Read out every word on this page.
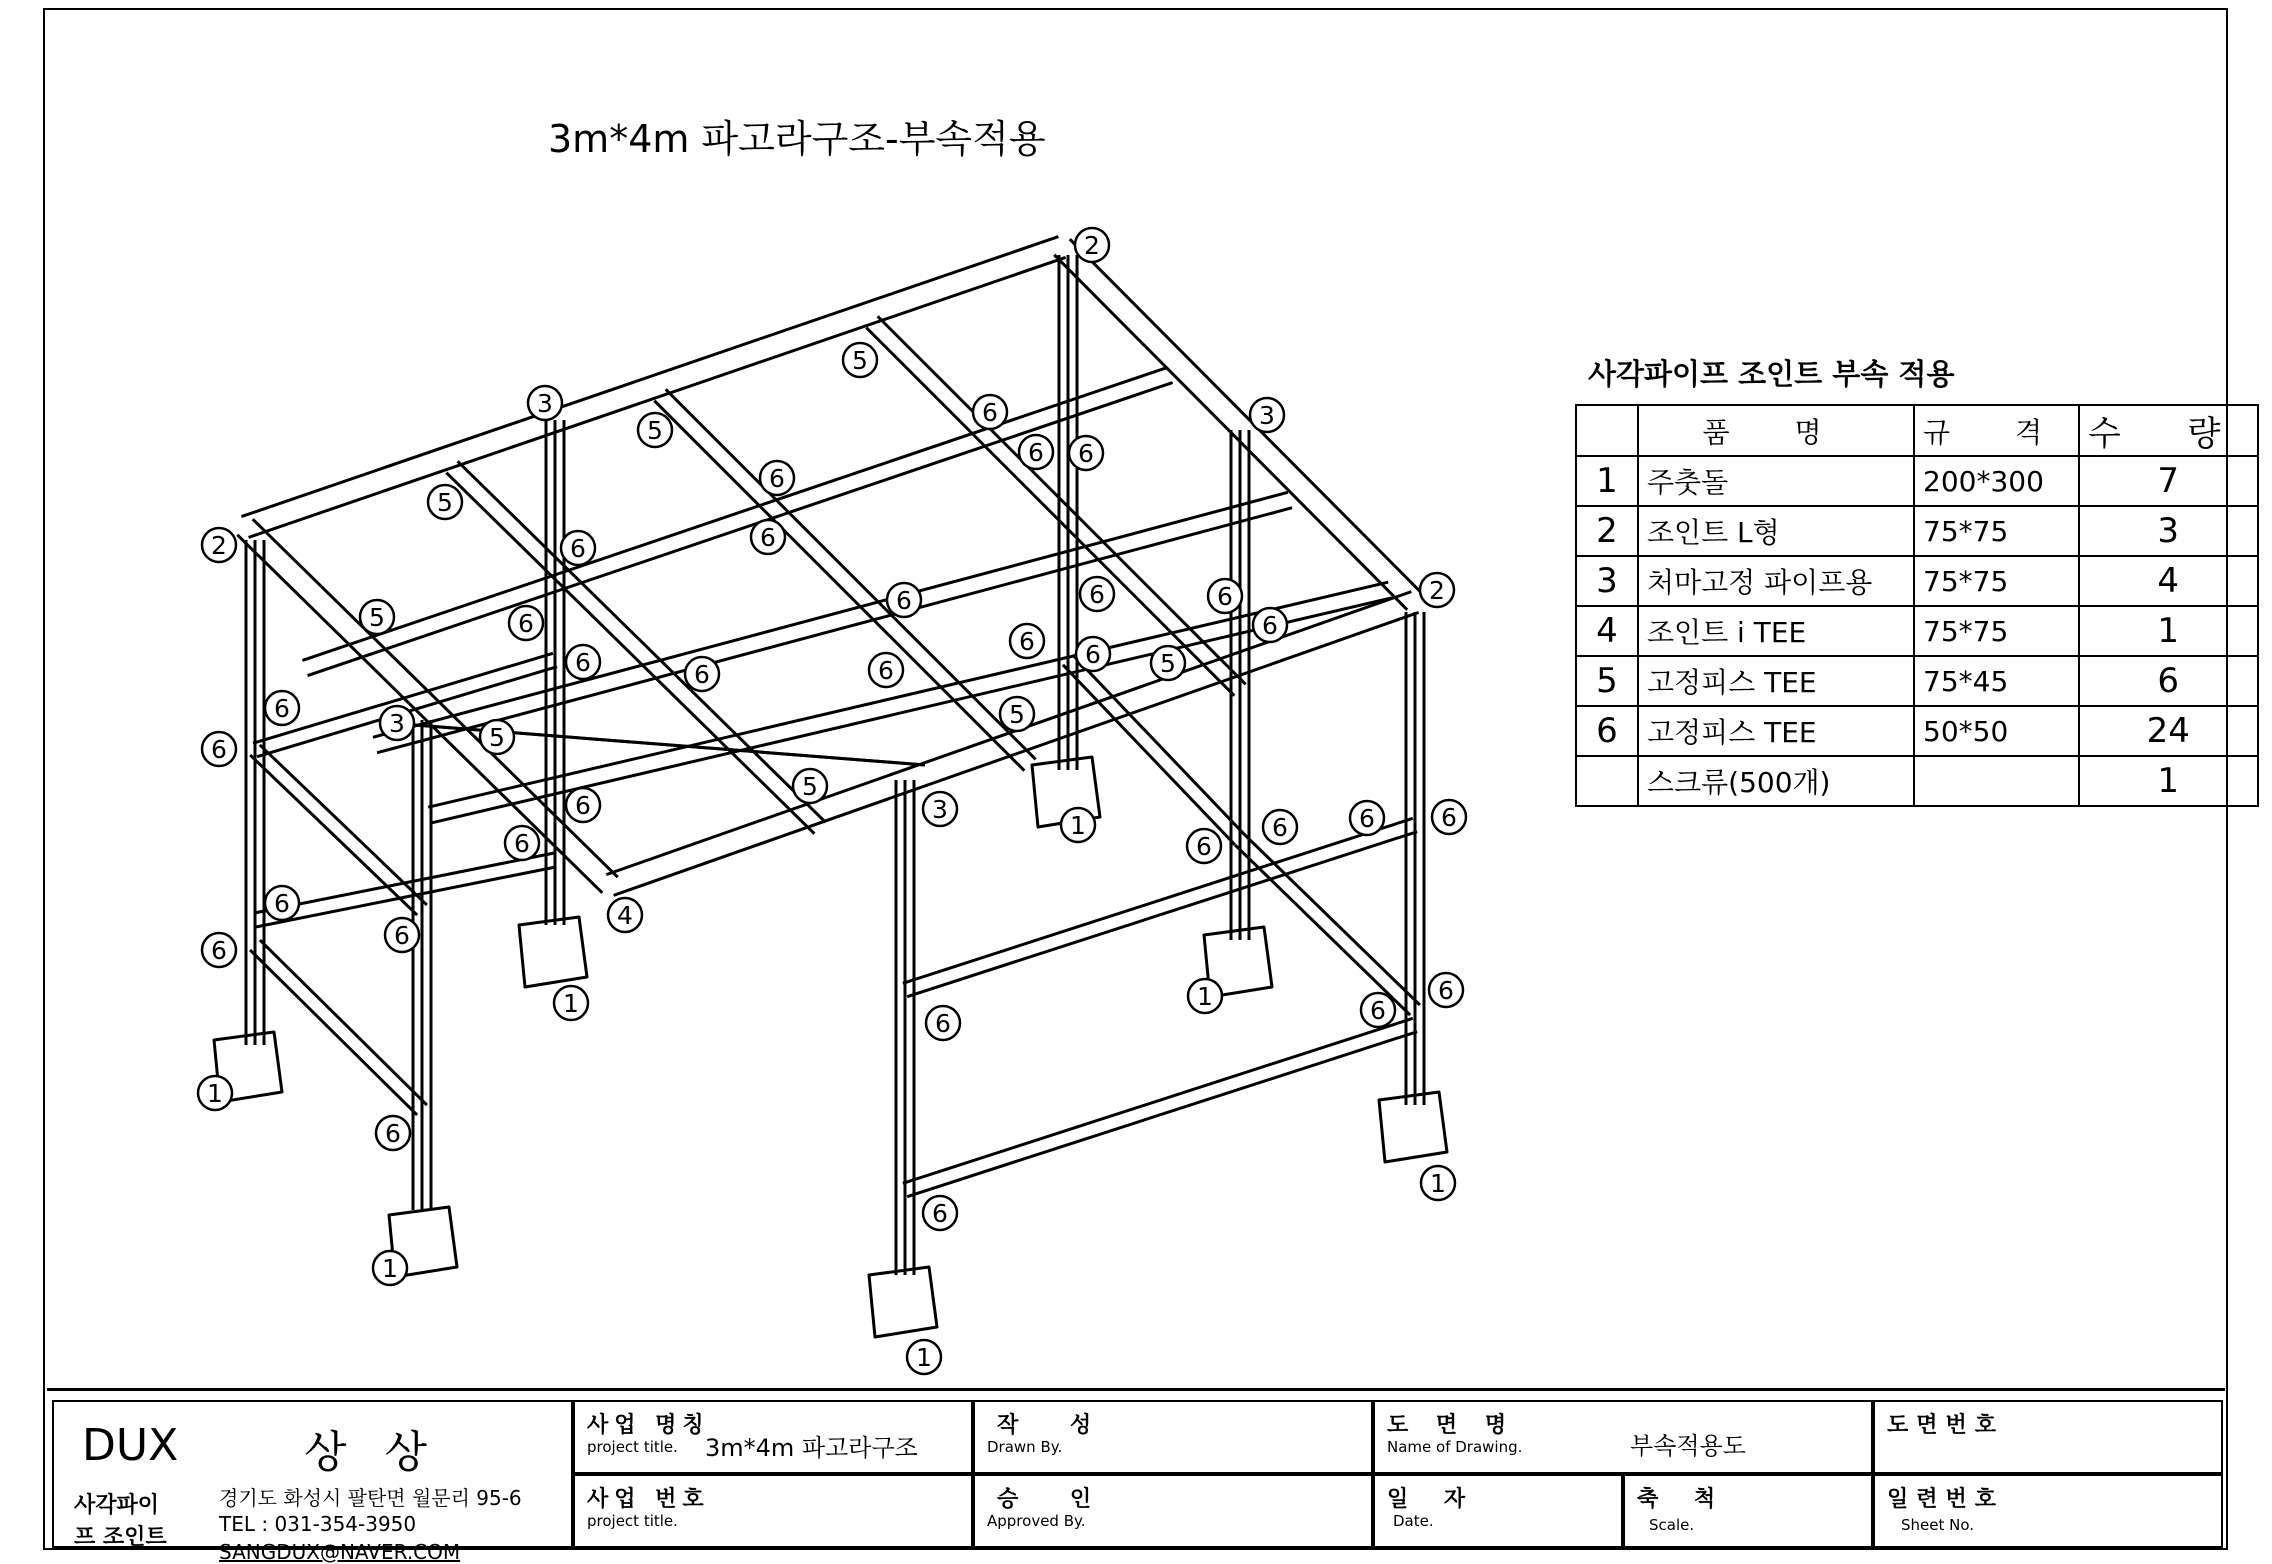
3m*4m 파고라구조-부속적용
1
1
1
1
1
1
1
2
2
2
3	3
3
3
4
5
5
5
5
5
5
5
5
6
6 6
6
6
6
6
6
6	6	6
6
6 6
6	6
6
6
6
6
6
6
6
6
6
6
6
6	6
6
6
6
사각파이프 조인트 부속 적용
	품 명	규 격	수 량
1	주춧돌	200*300	7
2	조인트 L형	75*75	3
3	처마고정 파이프용	75*75	4
4	조인트 i TEE	75*75	1
5	고정피스 TEE	75*45	6
6	고정피스 TEE	50*50	24
	스크류(500개)		1
DUX	상 상
사각파이프 조인트
경기도 화성시 팔탄면 월문리 95-6
TEL : 031-354-3950
SANGDUX@NAVER.COM
사업 명칭
project title. 3m*4m 파고라구조
사업 번호
project title.
작 성
Drawn By.
승 인
Approved By.
도 면 명
Name of Drawing.	부속적용도
일 자
Date.
축 척
Scale.
도면번호
일련번호
Sheet No.
